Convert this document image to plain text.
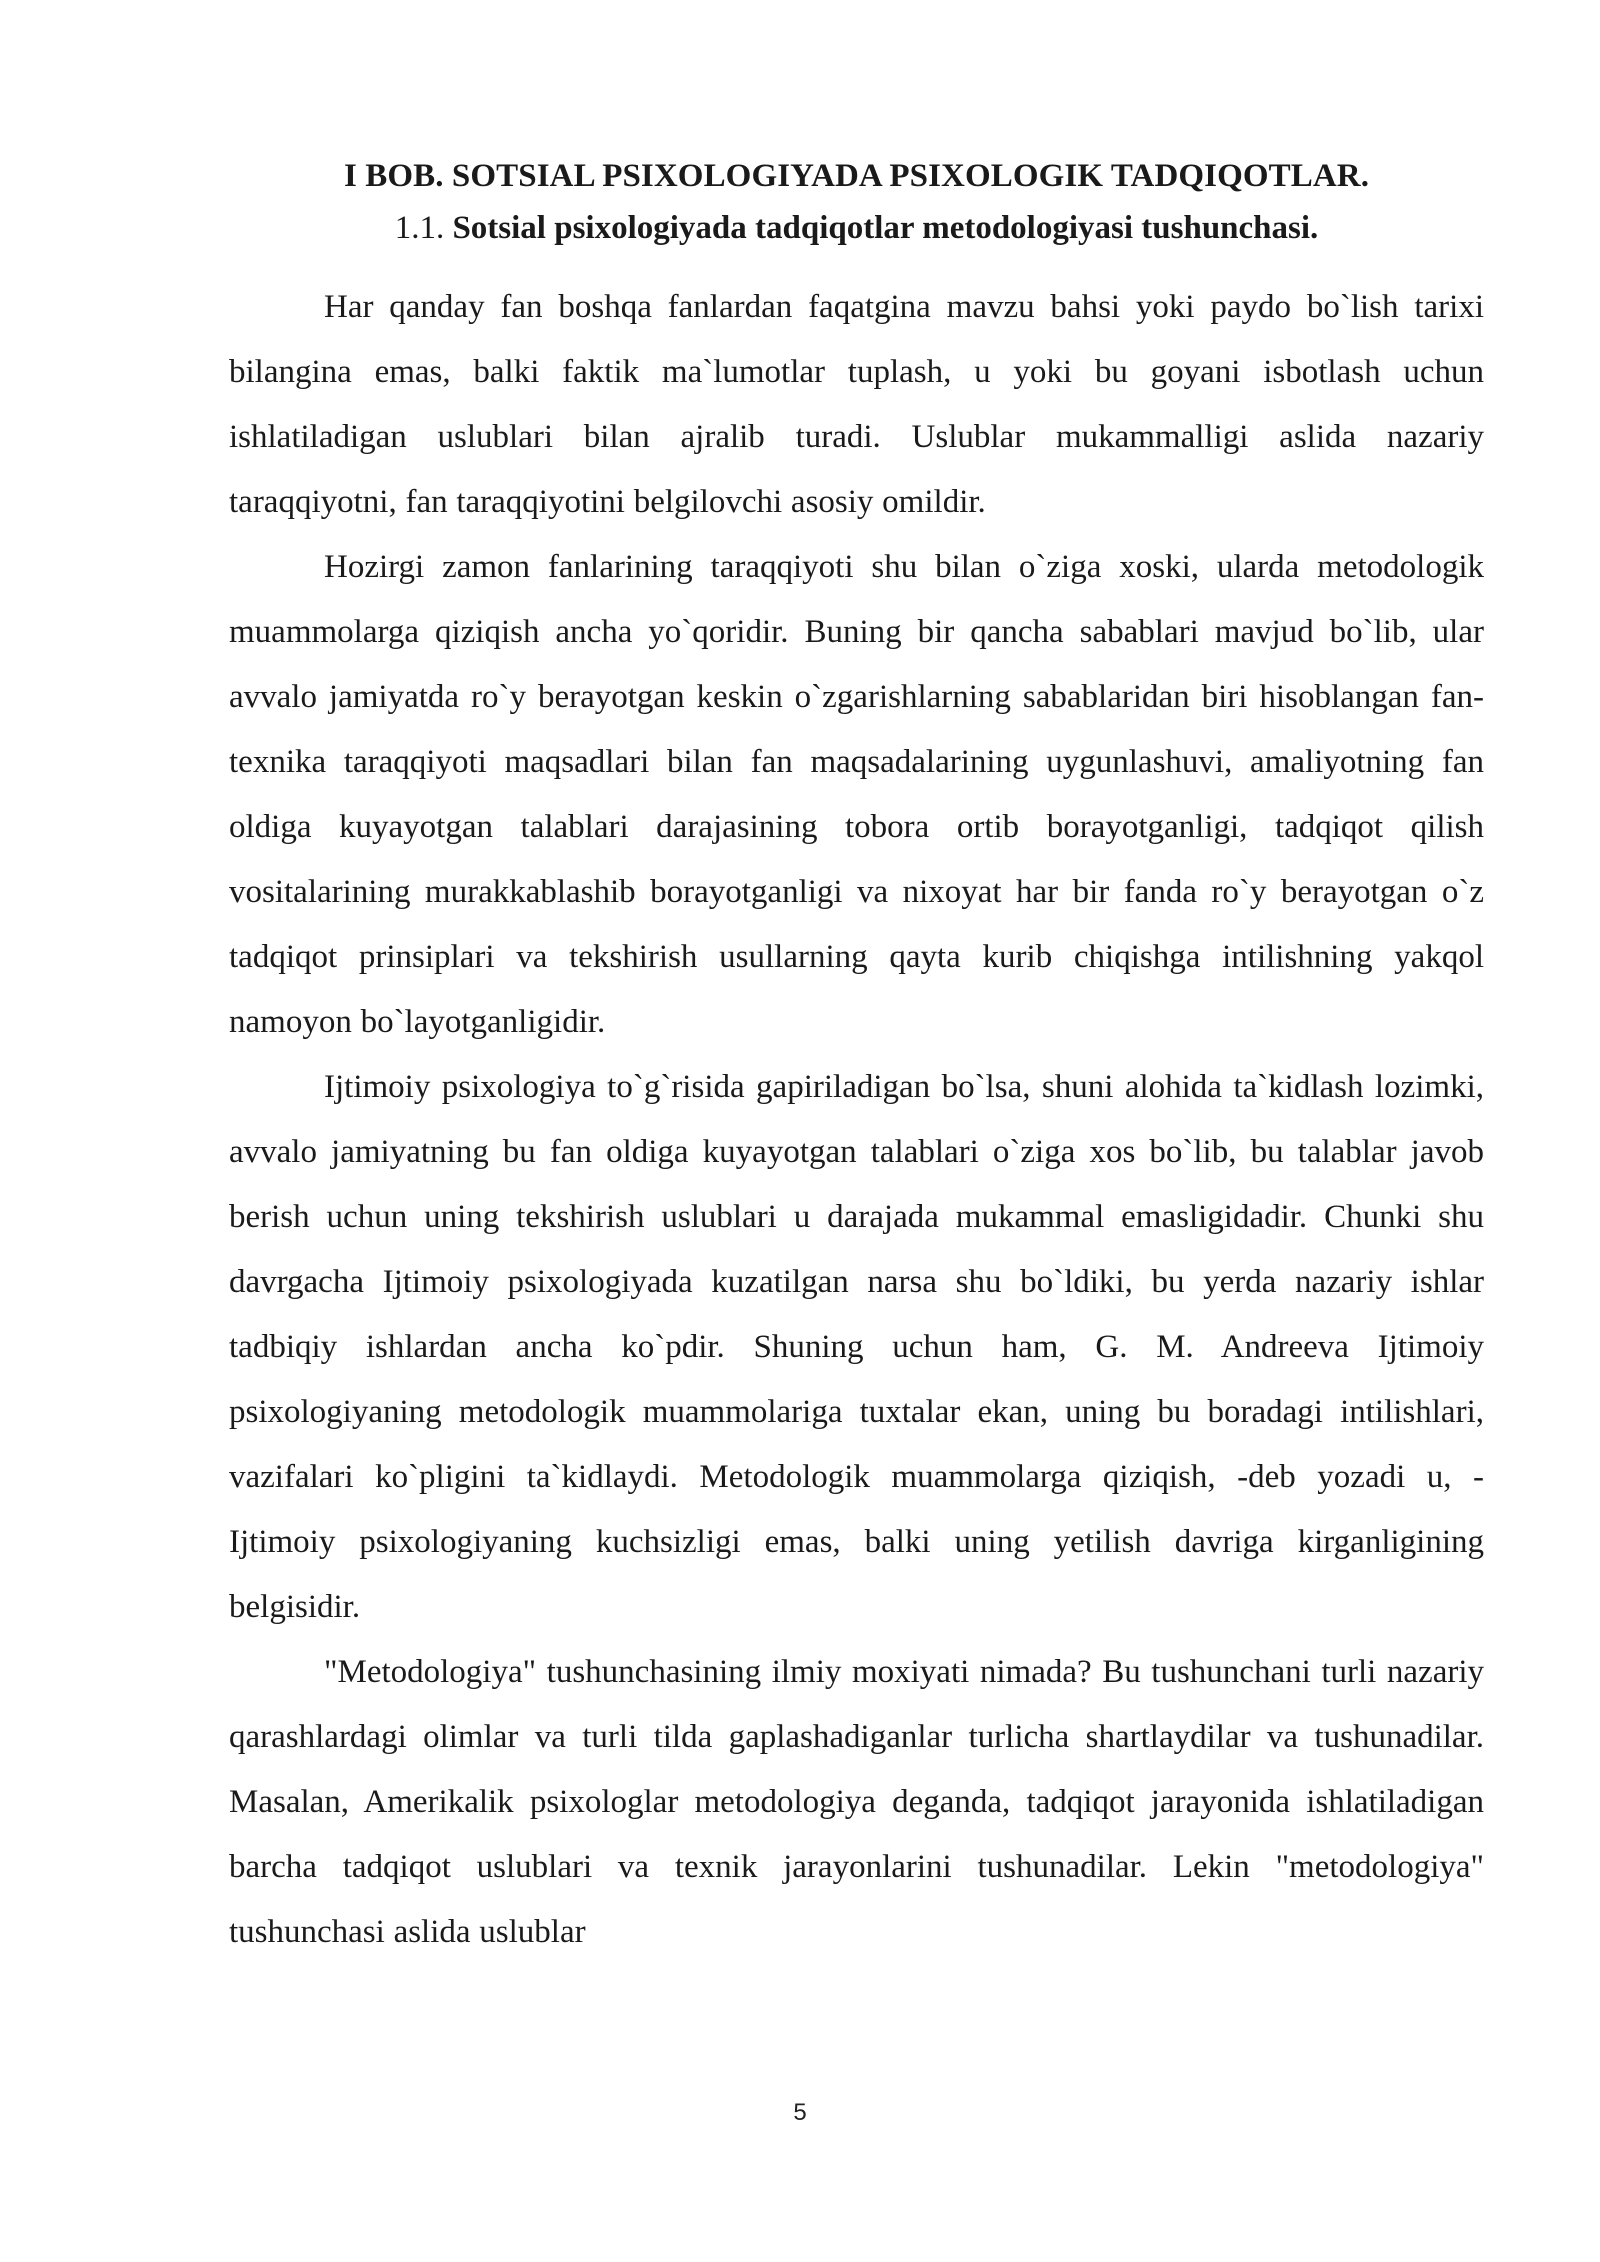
I BOB. SOTSIAL PSIXOLOGIYADA PSIXOLOGIK TADQIQOTLAR.
1.1. Sotsial psixologiyada tadqiqotlar metodologiyasi tushunchasi.

Har qanday fan boshqa fanlardan faqatgina mavzu bahsi yoki paydo bo`lish tarixi bilangina emas, balki faktik ma`lumotlar tuplash, u yoki bu goyani isbotlash uchun ishlatiladigan uslublari bilan ajralib turadi. Uslublar mukammalligi aslida nazariy taraqqiyotni, fan taraqqiyotini belgilovchi asosiy omildir.

Hozirgi zamon fanlarining taraqqiyoti shu bilan o`ziga xoski, ularda metodologik muammolarga qiziqish ancha yo`qoridir. Buning bir qancha sabablari mavjud bo`lib, ular avvalo jamiyatda ro`y berayotgan keskin o`zgarishlarning sabablaridan biri hisoblangan fan-texnika taraqqiyoti maqsadlari bilan fan maqsadalarining uygunlashuvi, amaliyotning fan oldiga kuyayotgan talablari darajasining tobora ortib borayotganligi, tadqiqot qilish vositalarining murakkablashib borayotganligi va nixoyat har bir fanda ro`y berayotgan o`z tadqiqot prinsiplari va tekshirish usullarning qayta kurib chiqishga intilishning yakqol namoyon bo`layotganligidir.

Ijtimoiy psixologiya to`g`risida gapiriladigan bo`lsa, shuni alohida ta`kidlash lozimki, avvalo jamiyatning bu fan oldiga kuyayotgan talablari o`ziga xos bo`lib, bu talablar javob berish uchun uning tekshirish uslublari u darajada mukammal emasligidadir. Chunki shu davrgacha Ijtimoiy psixologiyada kuzatilgan narsa shu bo`ldiki, bu yerda nazariy ishlar tadbiqiy ishlardan ancha ko`pdir. Shuning uchun ham, G. M. Andreeva Ijtimoiy psixologiyaning metodologik muammolariga tuxtalar ekan, uning bu boradagi intilishlari, vazifalari ko`pligini ta`kidlaydi. Metodologik muammolarga qiziqish, -deb yozadi u, - Ijtimoiy psixologiyaning kuchsizligi emas, balki uning yetilish davriga kirganligining belgisidir.

"Metodologiya" tushunchasining ilmiy moxiyati nimada? Bu tushunchani turli nazariy qarashlardagi olimlar va turli tilda gaplashadiganlar turlicha shartlaydilar va tushunadilar. Masalan, Amerikalik psixologlar metodologiya deganda, tadqiqot jarayonida ishlatiladigan barcha tadqiqot uslublari va texnik jarayonlarini tushunadilar. Lekin "metodologiya" tushunchasi aslida uslublar

5
